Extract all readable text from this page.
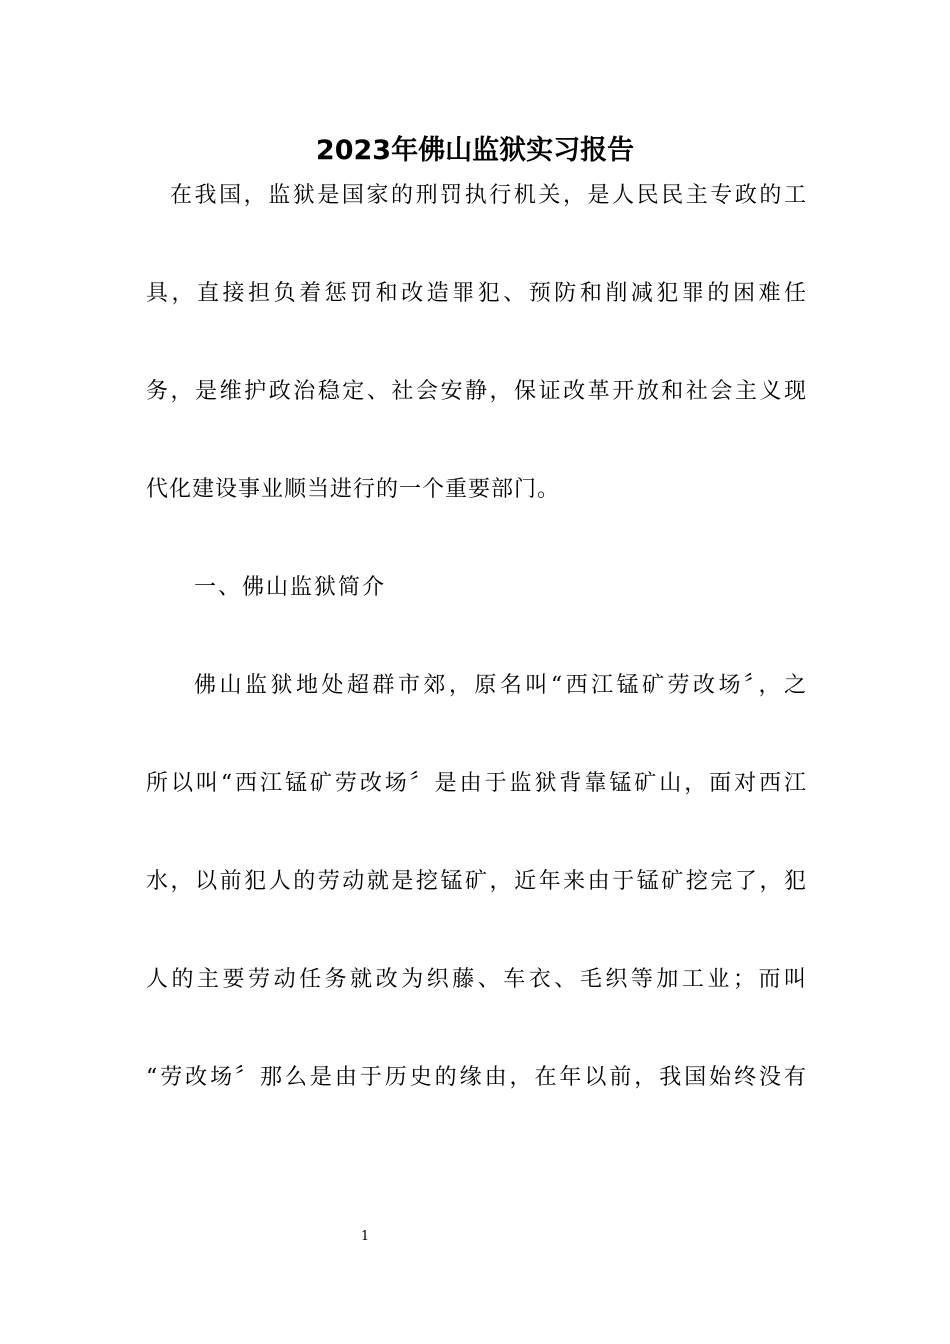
2023年佛山监狱实习报告
在我国，监狱是国家的刑罚执行机关，是人民民主专政的工
具，直接担负着惩罚和改造罪犯、预防和削减犯罪的困难任
务，是维护政治稳定、社会安静，保证改革开放和社会主义现
代化建设事业顺当进行的一个重要部门。
一、佛山监狱简介
佛山监狱地处超群市郊，原名叫“西江锰矿劳改场〞，之
所以叫“西江锰矿劳改场〞是由于监狱背靠锰矿山，面对西江
水，以前犯人的劳动就是挖锰矿，近年来由于锰矿挖完了，犯
人的主要劳动任务就改为织藤、车衣、毛织等加工业；而叫
“劳改场〞那么是由于历史的缘由，在年以前，我国始终没有
1
